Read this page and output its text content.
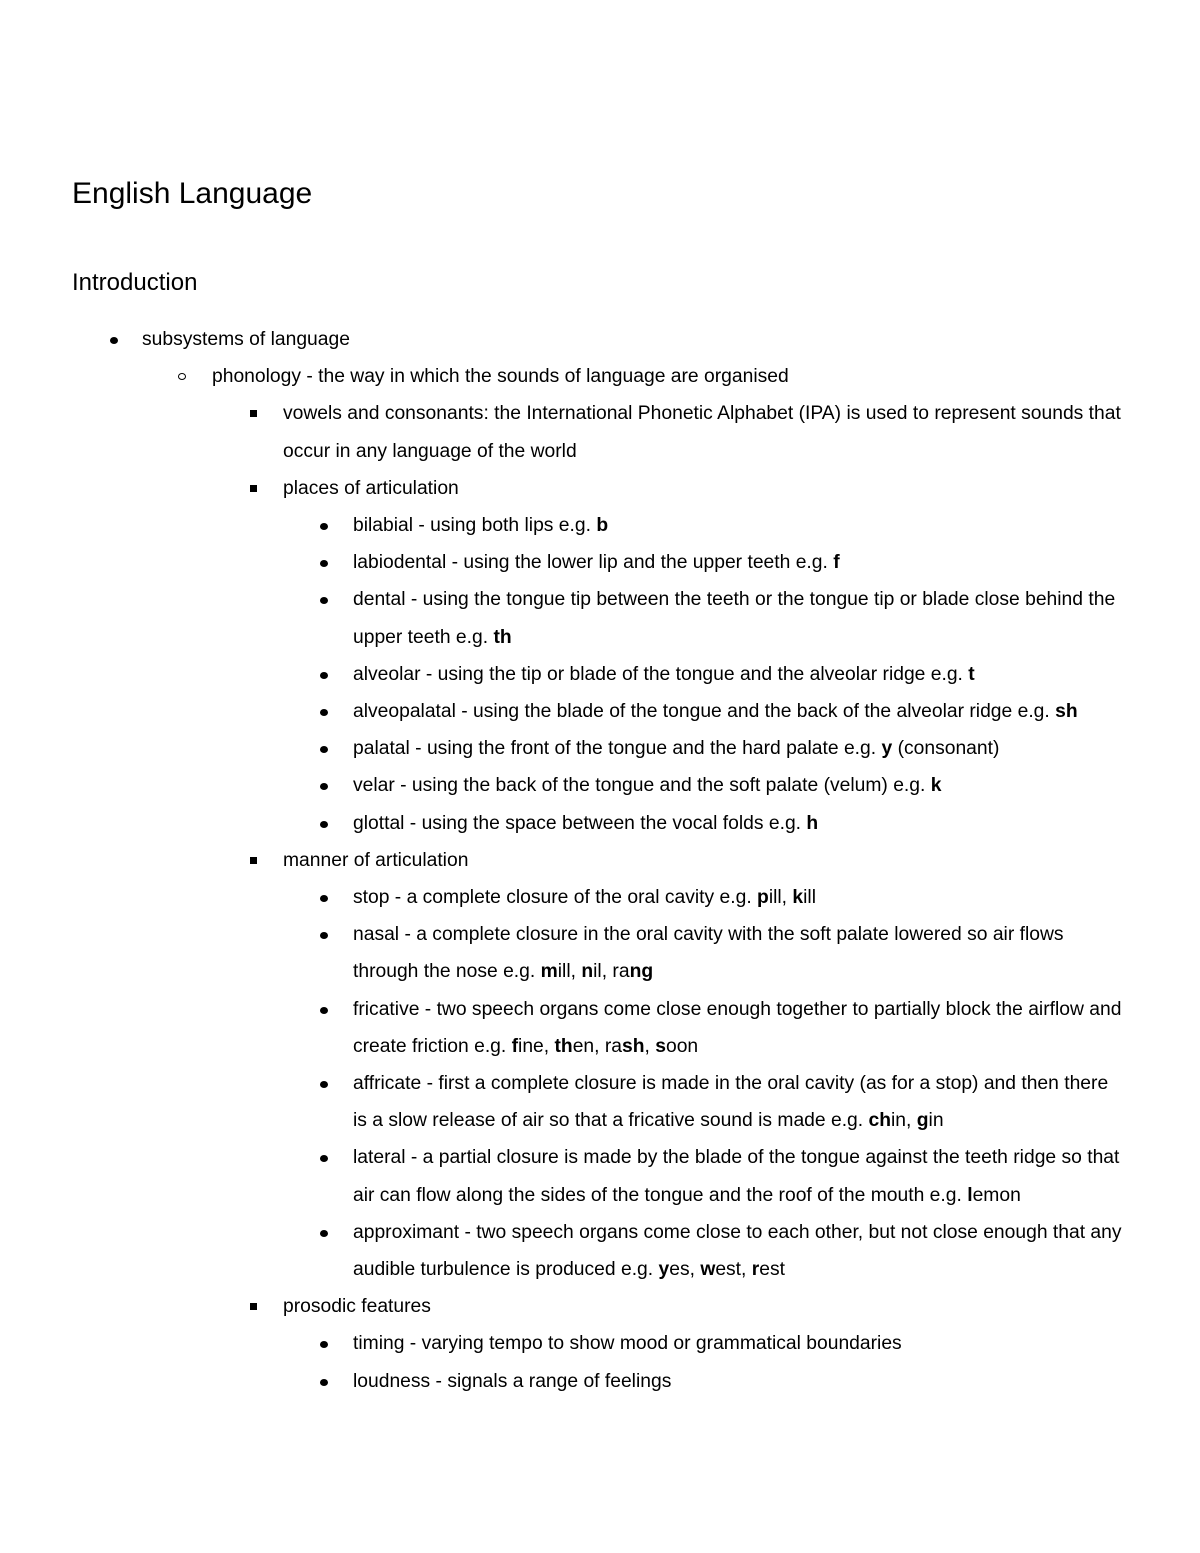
English Language
Introduction
subsystems of language
phonology - the way in which the sounds of language are organised
vowels and consonants: the International Phonetic Alphabet (IPA) is used to represent sounds that occur in any language of the world
places of articulation
bilabial - using both lips e.g. b
labiodental - using the lower lip and the upper teeth e.g. f
dental - using the tongue tip between the teeth or the tongue tip or blade close behind the upper teeth e.g. th
alveolar - using the tip or blade of the tongue and the alveolar ridge e.g. t
alveopalatal - using the blade of the tongue and the back of the alveolar ridge e.g. sh
palatal - using the front of the tongue and the hard palate e.g. y (consonant)
velar - using the back of the tongue and the soft palate (velum) e.g. k
glottal - using the space between the vocal folds e.g. h
manner of articulation
stop - a complete closure of the oral cavity e.g. pill, kill
nasal - a complete closure in the oral cavity with the soft palate lowered so air flows through the nose e.g. mill, nil, rang
fricative - two speech organs come close enough together to partially block the airflow and create friction e.g. fine, then, rash, soon
affricate - first a complete closure is made in the oral cavity (as for a stop) and then there is a slow release of air so that a fricative sound is made e.g. chin, gin
lateral - a partial closure is made by the blade of the tongue against the teeth ridge so that air can flow along the sides of the tongue and the roof of the mouth e.g. lemon
approximant - two speech organs come close to each other, but not close enough that any audible turbulence is produced e.g. yes, west, rest
prosodic features
timing - varying tempo to show mood or grammatical boundaries
loudness - signals a range of feelings
